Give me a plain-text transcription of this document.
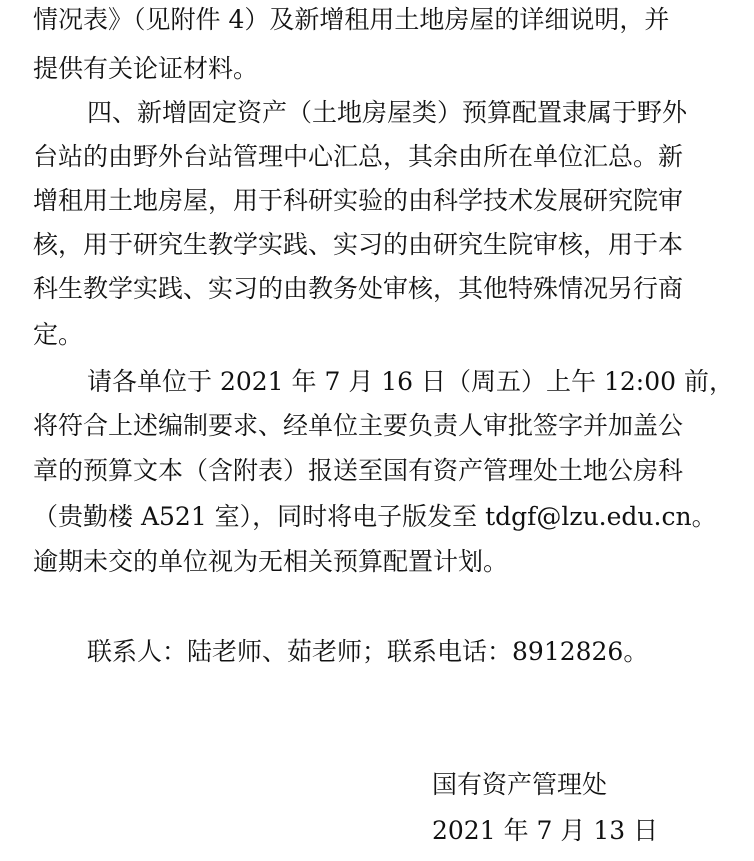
情况表》（见附件 4）及新增租用土地房屋的详细说明，并
提供有关论证材料。
四、新增固定资产（土地房屋类）预算配置隶属于野外
台站的由野外台站管理中心汇总，其余由所在单位汇总。新
增租用土地房屋，用于科研实验的由科学技术发展研究院审
核，用于研究生教学实践、实习的由研究生院审核，用于本
科生教学实践、实习的由教务处审核，其他特殊情况另行商
定。
请各单位于 2021 年 7 月 16 日（周五）上午 12:00 前，
将符合上述编制要求、经单位主要负责人审批签字并加盖公
章的预算文本（含附表）报送至国有资产管理处土地公房科
（贵勤楼 A521 室），同时将电子版发至 tdgf@lzu.edu.cn。
逾期未交的单位视为无相关预算配置计划。
联系人：陆老师、茹老师；联系电话：8912826。
国有资产管理处
2021 年 7 月 13 日
